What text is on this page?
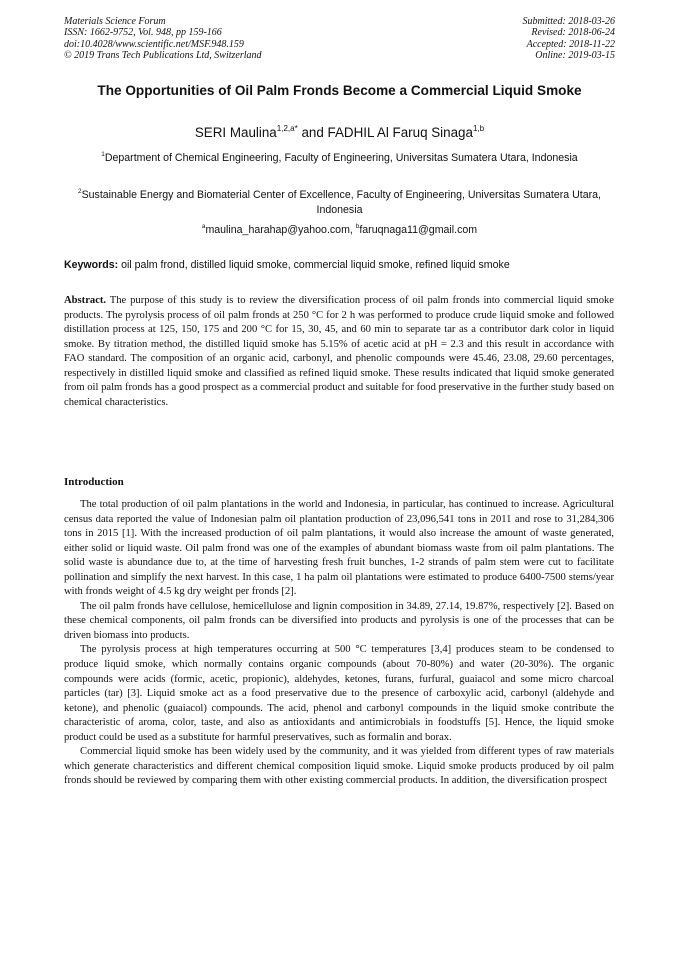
Materials Science Forum
ISSN: 1662-9752, Vol. 948, pp 159-166
doi:10.4028/www.scientific.net/MSF.948.159
© 2019 Trans Tech Publications Ltd, Switzerland
Submitted: 2018-03-26
Revised: 2018-06-24
Accepted: 2018-11-22
Online: 2019-03-15
The Opportunities of Oil Palm Fronds Become a Commercial Liquid Smoke
SERI Maulina$^{1,2,a*}$ and FADHIL Al Faruq Sinaga$^{1,b}$
$^1$Department of Chemical Engineering, Faculty of Engineering, Universitas Sumatera Utara, Indonesia
$^2$Sustainable Energy and Biomaterial Center of Excellence, Faculty of Engineering, Universitas Sumatera Utara, Indonesia
$^a$maulina_harahap@yahoo.com, $^b$faruqnaga11@gmail.com
Keywords: oil palm frond, distilled liquid smoke, commercial liquid smoke, refined liquid smoke
Abstract. The purpose of this study is to review the diversification process of oil palm fronds into commercial liquid smoke products. The pyrolysis process of oil palm fronds at 250 °C for 2 h was performed to produce crude liquid smoke and followed distillation process at 125, 150, 175 and 200 °C for 15, 30, 45, and 60 min to separate tar as a contributor dark color in liquid smoke. By titration method, the distilled liquid smoke has 5.15% of acetic acid at pH = 2.3 and this result in accordance with FAO standard. The composition of an organic acid, carbonyl, and phenolic compounds were 45.46, 23.08, 29.60 percentages, respectively in distilled liquid smoke and classified as refined liquid smoke. These results indicated that liquid smoke generated from oil palm fronds has a good prospect as a commercial product and suitable for food preservative in the further study based on chemical characteristics.
Introduction

The total production of oil palm plantations in the world and Indonesia, in particular, has continued to increase. Agricultural census data reported the value of Indonesian palm oil plantation production of 23,096,541 tons in 2011 and rose to 31,284,306 tons in 2015 [1]. With the increased production of oil palm plantations, it would also increase the amount of waste generated, either solid or liquid waste. Oil palm frond was one of the examples of abundant biomass waste from oil palm plantations. The solid waste is abundance due to, at the time of harvesting fresh fruit bunches, 1-2 strands of palm stem were cut to facilitate pollination and simplify the next harvest. In this case, 1 ha palm oil plantations were estimated to produce 6400-7500 stems/year with fronds weight of 4.5 kg dry weight per fronds [2].

The oil palm fronds have cellulose, hemicellulose and lignin composition in 34.89, 27.14, 19.87%, respectively [2]. Based on these chemical components, oil palm fronds can be diversified into products and pyrolysis is one of the processes that can be driven biomass into products.

The pyrolysis process at high temperatures occurring at 500 °C temperatures [3,4] produces steam to be condensed to produce liquid smoke, which normally contains organic compounds (about 70-80%) and water (20-30%). The organic compounds were acids (formic, acetic, propionic), aldehydes, ketones, furans, furfural, guaiacol and some micro charcoal particles (tar) [3]. Liquid smoke act as a food preservative due to the presence of carboxylic acid, carbonyl (aldehyde and ketone), and phenolic (guaiacol) compounds. The acid, phenol and carbonyl compounds in the liquid smoke contribute the characteristic of aroma, color, taste, and also as antioxidants and antimicrobials in foodstuffs [5]. Hence, the liquid smoke product could be used as a substitute for harmful preservatives, such as formalin and borax.

Commercial liquid smoke has been widely used by the community, and it was yielded from different types of raw materials which generate characteristics and different chemical composition liquid smoke. Liquid smoke products produced by oil palm fronds should be reviewed by comparing them with other existing commercial products. In addition, the diversification prospect
